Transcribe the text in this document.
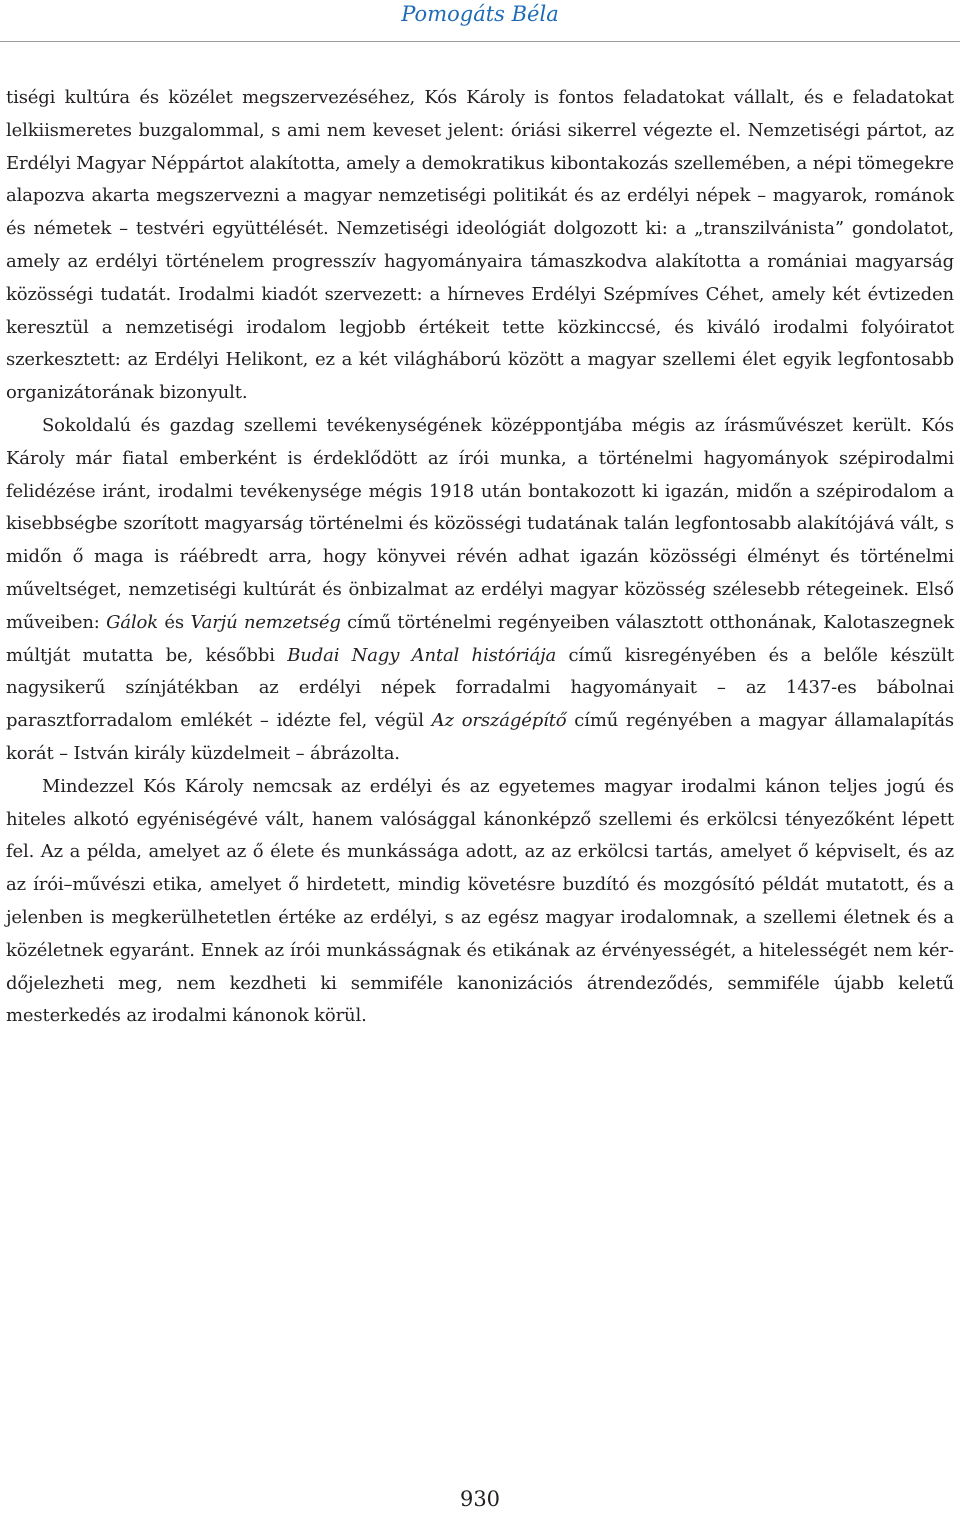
Pomogáts Béla

tiségi kultúra és közélet megszervezéséhez, Kós Károly is fontos feladatokat vállalt, és e feladatokat lelkiismeretes buzgalommal, s ami nem keveset jelent: óriási sikerrel végezte el. Nemzetiségi pártot, az Erdélyi Magyar Néppártot alakította, amely a demokratikus kibontakozás szellemében, a népi tömegekre alapozva akarta megszervezni a magyar nemzetiségi politikát és az erdélyi népek – magyarok, románok és németek – testvéri együttélését. Nemzetiségi ideológiát dolgozott ki: a „transzilvánista” gondolatot, amely az erdélyi történelem progresszív hagyományaira támaszkodva alakította a romániai magyarság közösségi tudatát. Irodalmi kiadót szervezett: a hírneves Erdélyi Szépmíves Céhet, amely két évtizeden keresztül a nemzetiségi irodalom legjobb értékeit tette közkinccsé, és kiváló irodalmi folyóiratot szerkesztett: az Erdélyi Helikont, ez a két világháború között a magyar szellemi élet egyik legfontosabb organizátorának bizonyult.

Sokoldalú és gazdag szellemi tevékenységének középpontjába mégis az írásművészet került. Kós Károly már fiatal emberként is érdeklődött az írói munka, a történelmi hagyományok szépirodalmi felidézése iránt, irodalmi tevékenysége mégis 1918 után bontakozott ki igazán, midőn a szépirodalom a kisebbségbe szorított magyarság történelmi és közösségi tudatának talán legfontosabb alakítójává vált, s midőn ő maga is ráébredt arra, hogy könyvei révén adhat igazán közösségi élményt és történelmi műveltséget, nemzetiségi kultúrát és önbizalmat az erdélyi magyar közösség szélesebb rétegeinek. Első műveiben: Gálok és Varjú nemzetség című történelmi regényeiben választott otthonának, Kalotaszegnek múltját mutatta be, későbbi Budai Nagy Antal históriája című kisregényében és a belőle készült nagysikerű színjátékban az erdélyi népek forradalmi hagyományait – az 1437-es bábolnai parasztforradalom emlékét – idézte fel, végül Az országépítő című regényében a magyar államalapítás korát – István király küzdelmeit – ábrázolta.

Mindezzel Kós Károly nemcsak az erdélyi és az egyetemes magyar irodalmi kánon teljes jogú és hiteles alkotó egyéniségévé vált, hanem valósággal kánonképző szellemi és erkölcsi tényezőként lépett fel. Az a példa, amelyet az ő élete és munkássága adott, az az erkölcsi tartás, amelyet ő képviselt, és az az írói–művészi etika, amelyet ő hirdetett, mindig követésre buzdító és mozgósító példát mutatott, és a jelenben is megkerülhetetlen értéke az erdélyi, s az egész magyar irodalomnak, a szellemi életnek és a közéletnek egyaránt. Ennek az írói munkásságnak és etikának az érvényességét, a hitelességét nem kérdőjelezheti meg, nem kezdheti ki semmiféle kanonizációs átrendeződés, semmiféle újabb keletű mesterkedés az irodalmi kánonok körül.

930
